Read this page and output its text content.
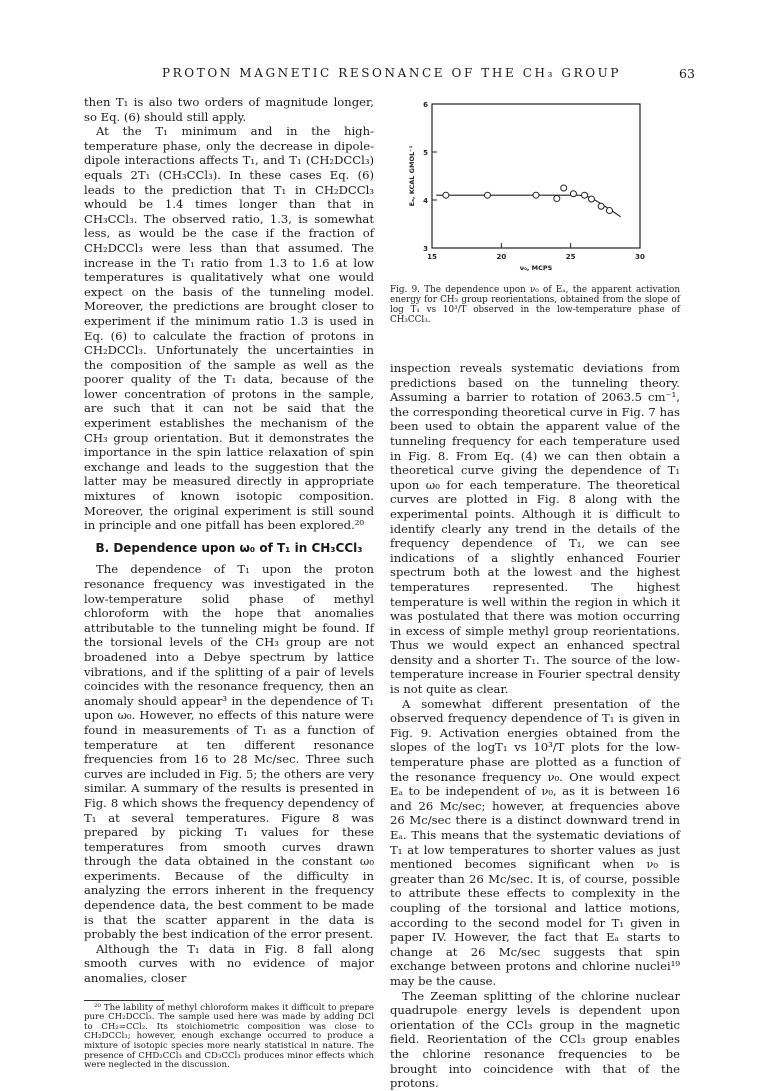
PROTON MAGNETIC RESONANCE OF THE CH₃ GROUP	63

then T₁ is also two orders of magnitude longer, so Eq. (6) should still apply.

At the T₁ minimum and in the high-temperature phase, only the decrease in dipole-dipole interactions affects T₁, and T₁ (CH₂DCCl₃) equals 2T₁ (CH₃CCl₃). In these cases Eq. (6) leads to the prediction that T₁ in CH₂DCCl₃ whould be 1.4 times longer than that in CH₃CCl₃. The observed ratio, 1.3, is somewhat less, as would be the case if the fraction of CH₂DCCl₃ were less than that assumed. The increase in the T₁ ratio from 1.3 to 1.6 at low temperatures is qualitatively what one would expect on the basis of the tunneling model. Moreover, the predictions are brought closer to experiment if the minimum ratio 1.3 is used in Eq. (6) to calculate the fraction of protons in CH₂DCCl₃. Unfortunately the uncertainties in the composition of the sample as well as the poorer quality of the T₁ data, because of the lower concentration of protons in the sample, are such that it can not be said that the experiment establishes the mechanism of the CH₃ group orientation. But it demonstrates the importance in the spin lattice relaxation of spin exchange and leads to the suggestion that the latter may be measured directly in appropriate mixtures of known isotopic composition. Moreover, the original experiment is still sound in principle and one pitfall has been explored.²⁰

B. Dependence upon ω₀ of T₁ in CH₃CCl₃

The dependence of T₁ upon the proton resonance frequency was investigated in the low-temperature solid phase of methyl chloroform with the hope that anomalies attributable to the tunneling might be found. If the torsional levels of the CH₃ group are not broadened into a Debye spectrum by lattice vibrations, and if the splitting of a pair of levels coincides with the resonance frequency, then an anomaly should appear³ in the dependence of T₁ upon ω₀. However, no effects of this nature were found in measurements of T₁ as a function of temperature at ten different resonance frequencies from 16 to 28 Mc/sec. Three such curves are included in Fig. 5; the others are very similar. A summary of the results is presented in Fig. 8 which shows the frequency dependency of T₁ at several temperatures. Figure 8 was prepared by picking T₁ values for these temperatures from smooth curves drawn through the data obtained in the constant ω₀ experiments. Because of the difficulty in analyzing the errors inherent in the frequency dependence data, the best comment to be made is that the scatter apparent in the data is probably the best indication of the error present.

Although the T₁ data in Fig. 8 fall along smooth curves with no evidence of major anomalies, closer

²⁰ The lability of methyl chloroform makes it difficult to prepare pure CH₂DCCl₃. The sample used here was made by adding DCl to CH₂=CCl₂. Its stoichiometric composition was close to CH₂DCCl₃; however, enough exchange occurred to produce a mixture of isotopic species more nearly statistical in nature. The presence of CHD₂CCl₃ and CD₃CCl₃ produces minor effects which were neglected in the discussion.

15	20	25	30
3
4
5
6
ν₀, MCPS
Eₐ, KCAL GMOL⁻¹

Fig. 9. The dependence upon ν₀ of Eₐ, the apparent activation energy for CH₃ group reorientations, obtained from the slope of log T₁ vs 10³/T observed in the low-temperature phase of CH₃CCl₃.

inspection reveals systematic deviations from predictions based on the tunneling theory. Assuming a barrier to rotation of 2063.5 cm⁻¹, the corresponding theoretical curve in Fig. 7 has been used to obtain the apparent value of the tunneling frequency for each temperature used in Fig. 8. From Eq. (4) we can then obtain a theoretical curve giving the dependence of T₁ upon ω₀ for each temperature. The theoretical curves are plotted in Fig. 8 along with the experimental points. Although it is difficult to identify clearly any trend in the details of the frequency dependence of T₁, we can see indications of a slightly enhanced Fourier spectrum both at the lowest and the highest temperatures represented. The highest temperature is well within the region in which it was postulated that there was motion occurring in excess of simple methyl group reorientations. Thus we would expect an enhanced spectral density and a shorter T₁. The source of the low-temperature increase in Fourier spectral density is not quite as clear.

A somewhat different presentation of the observed frequency dependence of T₁ is given in Fig. 9. Activation energies obtained from the slopes of the logT₁ vs 10³/T plots for the low-temperature phase are plotted as a function of the resonance frequency ν₀. One would expect Eₐ to be independent of ν₀, as it is between 16 and 26 Mc/sec; however, at frequencies above 26 Mc/sec there is a distinct downward trend in Eₐ. This means that the systematic deviations of T₁ at low temperatures to shorter values as just mentioned becomes significant when ν₀ is greater than 26 Mc/sec. It is, of course, possible to attribute these effects to complexity in the coupling of the torsional and lattice motions, according to the second model for T₁ given in paper IV. However, the fact that Eₐ starts to change at 26 Mc/sec suggests that spin exchange between protons and chlorine nuclei¹⁹ may be the cause.

The Zeeman splitting of the chlorine nuclear quadrupole energy levels is dependent upon orientation of the CCl₃ group in the magnetic field. Reorientation of the CCl₃ group enables the chlorine resonance frequencies to be brought into coincidence with that of the protons.
